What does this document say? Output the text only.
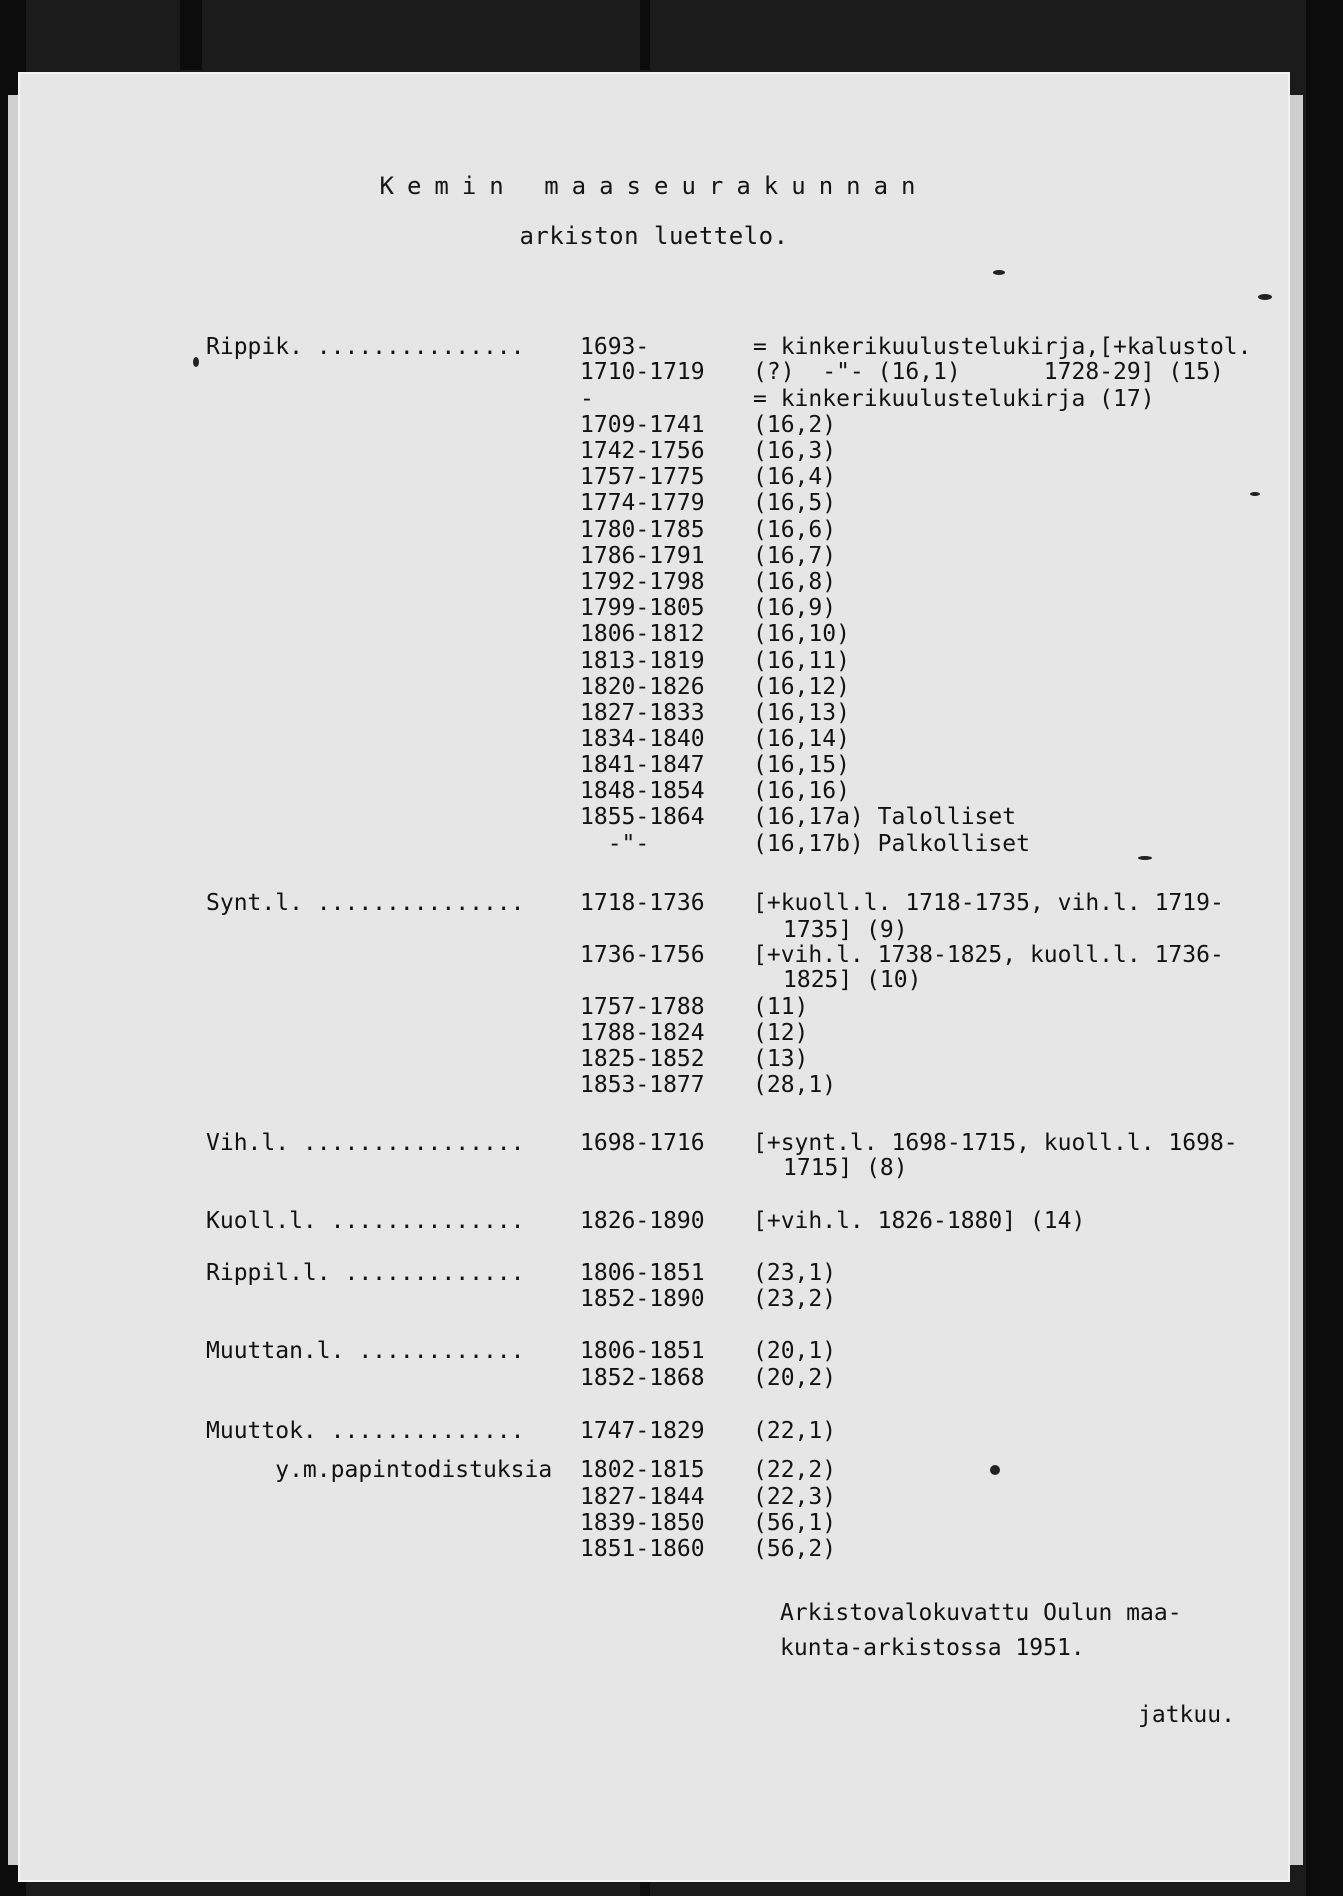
Kemin maaseurakunnan
arkiston luettelo.
Rippik. ............... 1693-	= kinkerikuulustelukirja,[+kalustol.
1710-1719 (?)  -"- (16,1)      1728-29] (15)
-	= kinkerikuulustelukirja (17)
1709-1741 (16,2)
1742-1756 (16,3)
1757-1775 (16,4)
1774-1779 (16,5)
1780-1785 (16,6)
1786-1791 (16,7)
1792-1798 (16,8)
1799-1805 (16,9)
1806-1812 (16,10)
1813-1819 (16,11)
1820-1826 (16,12)
1827-1833 (16,13)
1834-1840 (16,14)
1841-1847 (16,15)
1848-1854 (16,16)
1855-1864 (16,17a) Talolliset
-"-	(16,17b) Palkolliset
Synt.l. ............... 1718-1736 [+kuoll.l. 1718-1735, vih.l. 1719-
1735] (9)
1736-1756 [+vih.l. 1738-1825, kuoll.l. 1736-
1825] (10)
1757-1788 (11)
1788-1824 (12)
1825-1852 (13)
1853-1877 (28,1)
Vih.l. ................ 1698-1716 [+synt.l. 1698-1715, kuoll.l. 1698-
1715] (8)
Kuoll.l. .............. 1826-1890 [+vih.l. 1826-1880] (14)
Rippil.l. ............. 1806-1851 (23,1)
1852-1890 (23,2)
Muuttan.l. ............ 1806-1851 (20,1)
1852-1868 (20,2)
Muuttok. .............. 1747-1829 (22,1)
y.m.papintodistuksia 1802-1815 (22,2)
1827-1844 (22,3)
1839-1850 (56,1)
1851-1860 (56,2)
Arkistovalokuvattu Oulun maa-
kunta-arkistossa 1951.
jatkuu.
